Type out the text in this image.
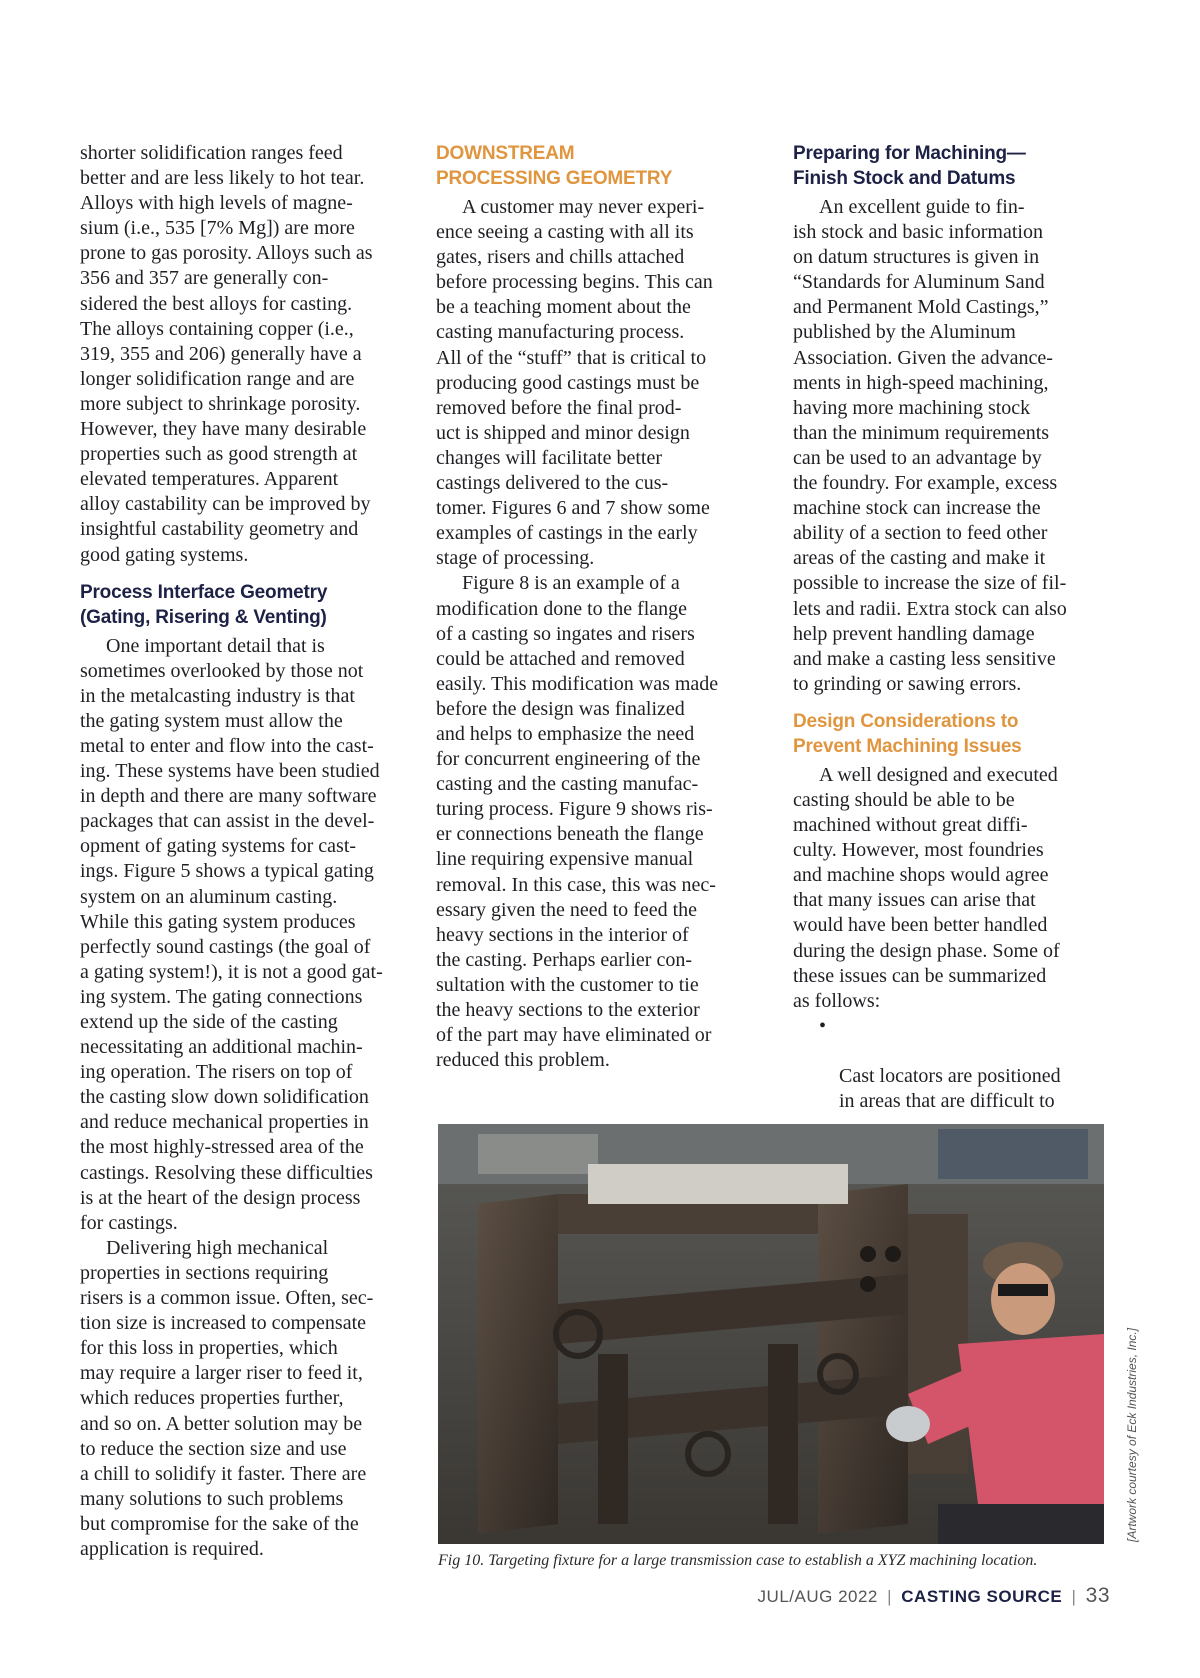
shorter solidification ranges feed
better and are less likely to hot tear.
Alloys with high levels of magne-
sium (i.e., 535 [7% Mg]) are more
prone to gas porosity. Alloys such as
356 and 357 are generally con-
sidered the best alloys for casting.
The alloys containing copper (i.e.,
319, 355 and 206) generally have a
longer solidification range and are
more subject to shrinkage porosity.
However, they have many desirable
properties such as good strength at
elevated temperatures. Apparent
alloy castability can be improved by
insightful castability geometry and
good gating systems.

Process Interface Geometry
(Gating, Risering & Venting)

One important detail that is
sometimes overlooked by those not
in the metalcasting industry is that
the gating system must allow the
metal to enter and flow into the cast-
ing. These systems have been studied
in depth and there are many software
packages that can assist in the devel-
opment of gating systems for cast-
ings. Figure 5 shows a typical gating
system on an aluminum casting.
While this gating system produces
perfectly sound castings (the goal of
a gating system!), it is not a good gat-
ing system. The gating connections
extend up the side of the casting
necessitating an additional machin-
ing operation. The risers on top of
the casting slow down solidification
and reduce mechanical properties in
the most highly-stressed area of the
castings. Resolving these difficulties
is at the heart of the design process
for castings.

Delivering high mechanical
properties in sections requiring
risers is a common issue. Often, sec-
tion size is increased to compensate
for this loss in properties, which
may require a larger riser to feed it,
which reduces properties further,
and so on. A better solution may be
to reduce the section size and use
a chill to solidify it faster. There are
many solutions to such problems
but compromise for the sake of the
application is required.

DOWNSTREAM
PROCESSING GEOMETRY

A customer may never experi-
ence seeing a casting with all its
gates, risers and chills attached
before processing begins. This can
be a teaching moment about the
casting manufacturing process.
All of the “stuff” that is critical to
producing good castings must be
removed before the final prod-
uct is shipped and minor design
changes will facilitate better
castings delivered to the cus-
tomer. Figures 6 and 7 show some
examples of castings in the early
stage of processing.

Figure 8 is an example of a
modification done to the flange
of a casting so ingates and risers
could be attached and removed
easily. This modification was made
before the design was finalized
and helps to emphasize the need
for concurrent engineering of the
casting and the casting manufac-
turing process. Figure 9 shows ris-
er connections beneath the flange
line requiring expensive manual
removal. In this case, this was nec-
essary given the need to feed the
heavy sections in the interior of
the casting. Perhaps earlier con-
sultation with the customer to tie
the heavy sections to the exterior
of the part may have eliminated or
reduced this problem.

Preparing for Machining—
Finish Stock and Datums

An excellent guide to fin-
ish stock and basic information
on datum structures is given in
“Standards for Aluminum Sand
and Permanent Mold Castings,”
published by the Aluminum
Association. Given the advance-
ments in high-speed machining,
having more machining stock
than the minimum requirements
can be used to an advantage by
the foundry. For example, excess
machine stock can increase the
ability of a section to feed other
areas of the casting and make it
possible to increase the size of fil-
lets and radii. Extra stock can also
help prevent handling damage
and make a casting less sensitive
to grinding or sawing errors.

Design Considerations to
Prevent Machining Issues

A well designed and executed
casting should be able to be
machined without great diffi-
culty. However, most foundries
and machine shops would agree
that many issues can arise that
would have been better handled
during the design phase. Some of
these issues can be summarized
as follows:

•

Cast locators are positioned
in areas that are difficult to

Fig 10. Targeting fixture for a large transmission case to establish a XYZ machining location.
[Artwork courtesy of Eck Industries, Inc.]
JUL/AUG 2022 | CASTING SOURCE | 33
